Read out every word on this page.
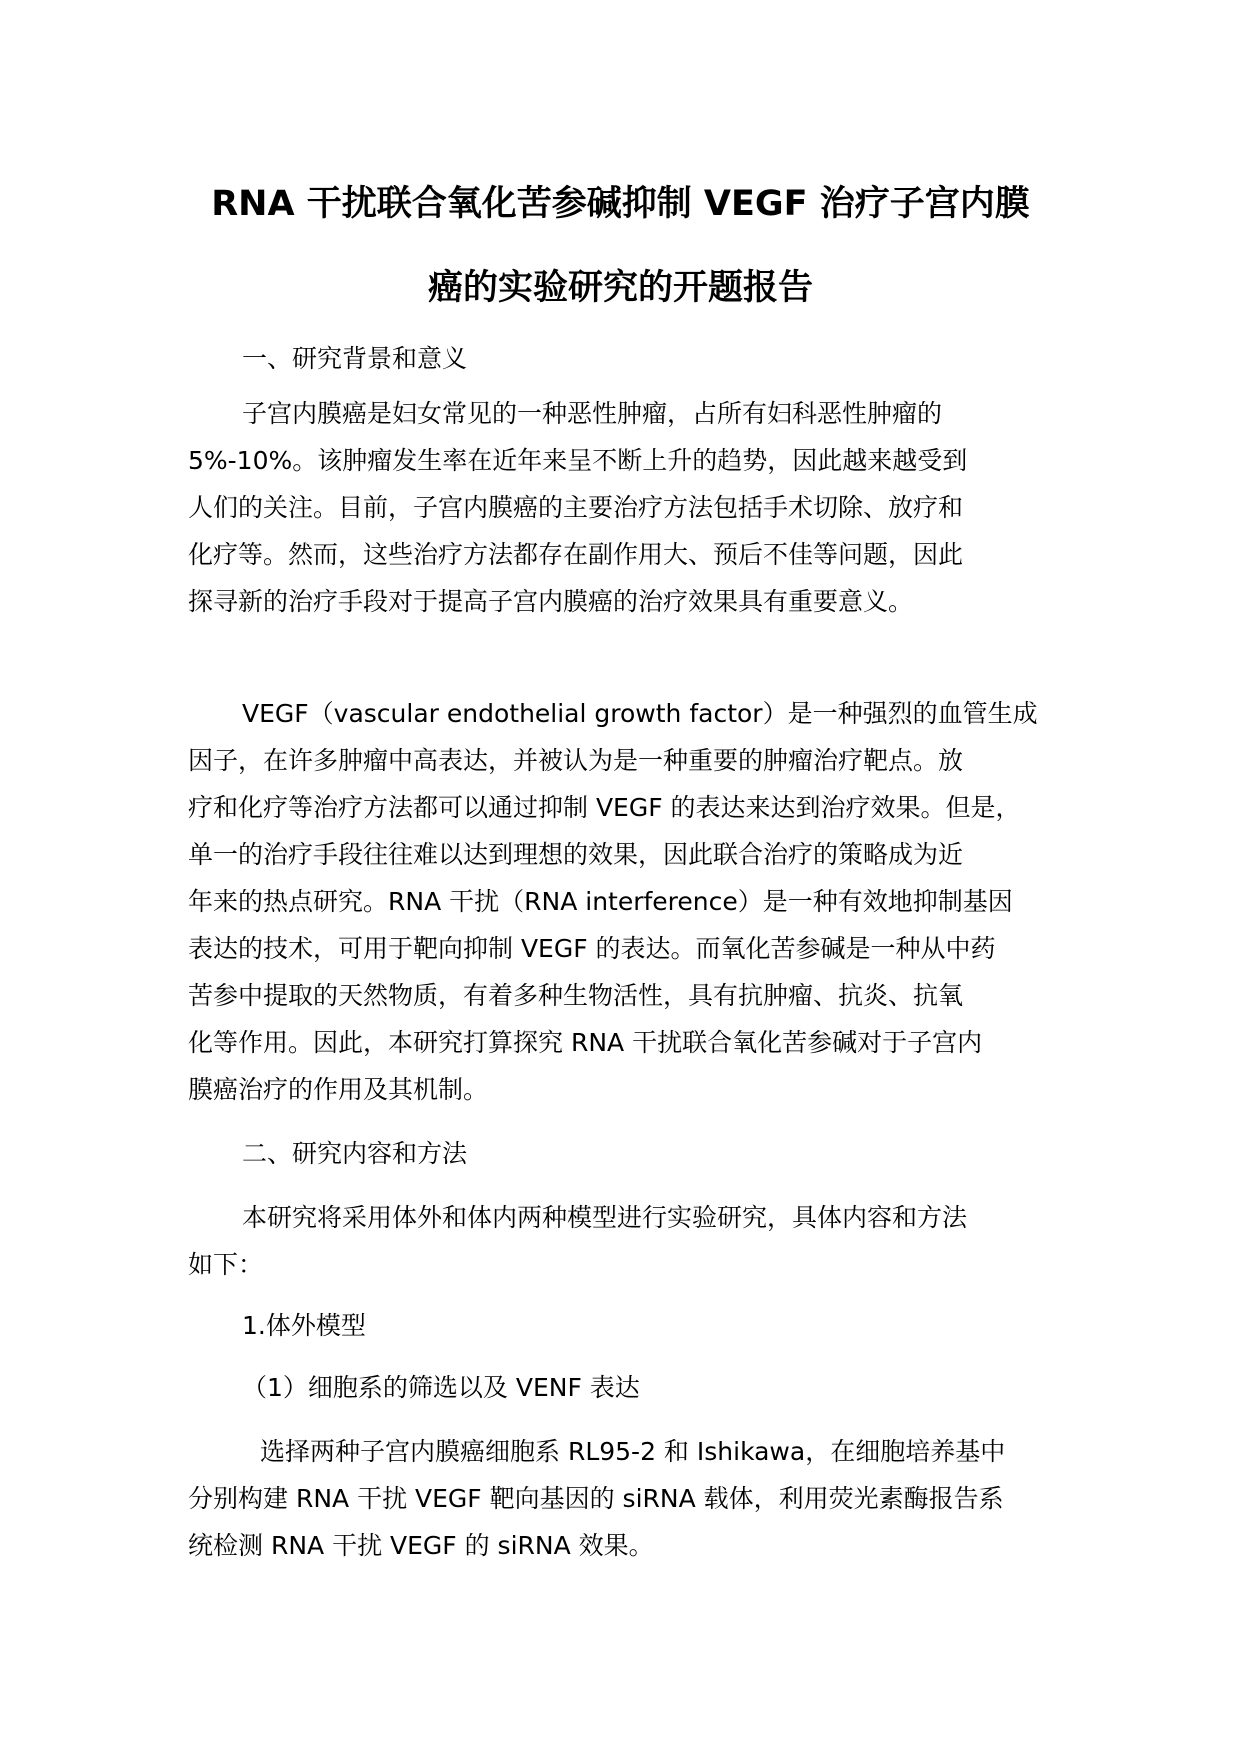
RNA 干扰联合氧化苦参碱抑制 VEGF 治疗子宫内膜
癌的实验研究的开题报告
一、研究背景和意义
子宫内膜癌是妇女常见的一种恶性肿瘤，占所有妇科恶性肿瘤的
5%-10%。该肿瘤发生率在近年来呈不断上升的趋势，因此越来越受到
人们的关注。目前，子宫内膜癌的主要治疗方法包括手术切除、放疗和
化疗等。然而，这些治疗方法都存在副作用大、预后不佳等问题，因此
探寻新的治疗手段对于提高子宫内膜癌的治疗效果具有重要意义。
VEGF（vascular endothelial growth factor）是一种强烈的血管生成
因子，在许多肿瘤中高表达，并被认为是一种重要的肿瘤治疗靶点。放
疗和化疗等治疗方法都可以通过抑制 VEGF 的表达来达到治疗效果。但是，
单一的治疗手段往往难以达到理想的效果，因此联合治疗的策略成为近
年来的热点研究。RNA 干扰（RNA interference）是一种有效地抑制基因
表达的技术，可用于靶向抑制 VEGF 的表达。而氧化苦参碱是一种从中药
苦参中提取的天然物质，有着多种生物活性，具有抗肿瘤、抗炎、抗氧
化等作用。因此，本研究打算探究 RNA 干扰联合氧化苦参碱对于子宫内
膜癌治疗的作用及其机制。
二、研究内容和方法
本研究将采用体外和体内两种模型进行实验研究，具体内容和方法
如下：
1.体外模型
（1）细胞系的筛选以及 VENF 表达
选择两种子宫内膜癌细胞系 RL95-2 和 Ishikawa，在细胞培养基中
分别构建 RNA 干扰 VEGF 靶向基因的 siRNA 载体，利用荧光素酶报告系
统检测 RNA 干扰 VEGF 的 siRNA 效果。
